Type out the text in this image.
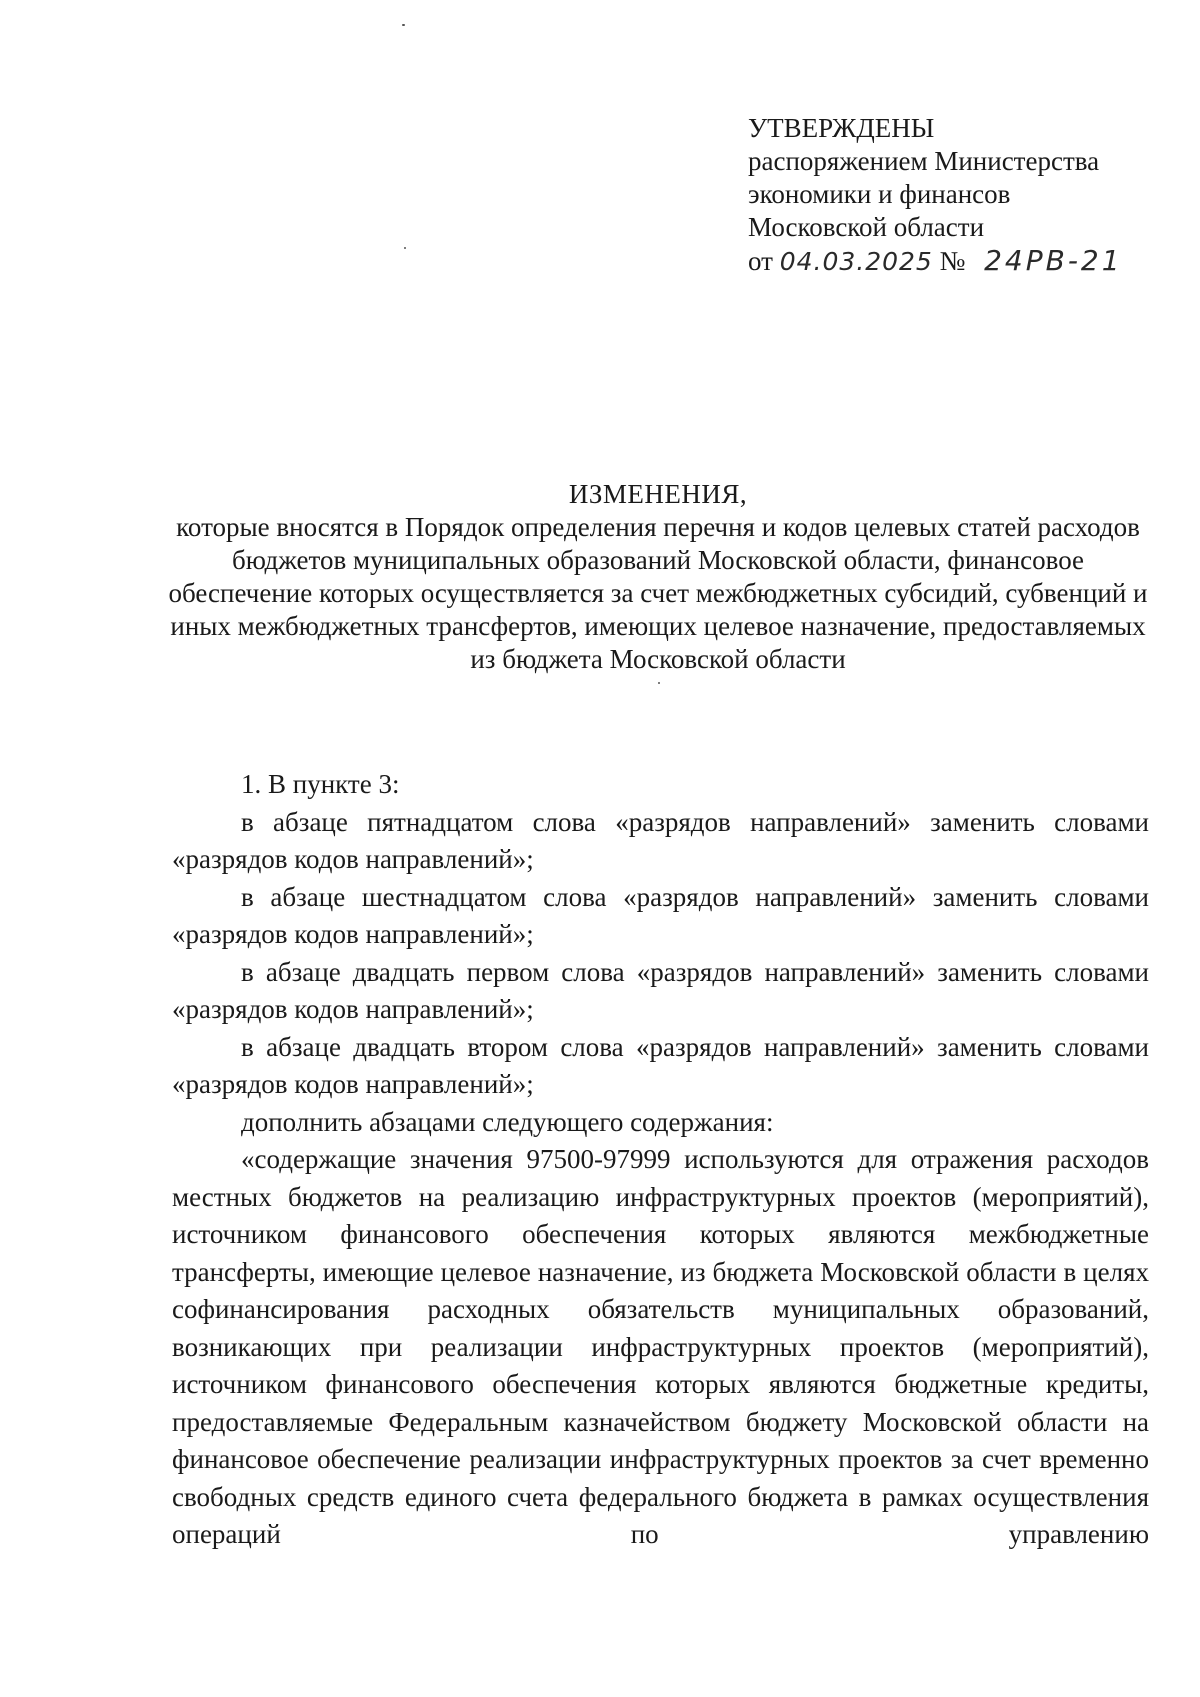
УТВЕРЖДЕНЫ
распоряжением Министерства
экономики и финансов
Московской области
от 04.03.2025 № 24РВ-21
ИЗМЕНЕНИЯ,
которые вносятся в Порядок определения перечня и кодов целевых статей расходов бюджетов муниципальных образований Московской области, финансовое обеспечение которых осуществляется за счет межбюджетных субсидий, субвенций и иных межбюджетных трансфертов, имеющих целевое назначение, предоставляемых из бюджета Московской области

1. В пункте 3:

в абзаце пятнадцатом слова «разрядов направлений» заменить словами «разрядов кодов направлений»;

в абзаце шестнадцатом слова «разрядов направлений» заменить словами «разрядов кодов направлений»;

в абзаце двадцать первом слова «разрядов направлений» заменить словами «разрядов кодов направлений»;

в абзаце двадцать втором слова «разрядов направлений» заменить словами «разрядов кодов направлений»;

дополнить абзацами следующего содержания:

«содержащие значения 97500-97999 используются для отражения расходов местных бюджетов на реализацию инфраструктурных проектов (мероприятий), источником финансового обеспечения которых являются межбюджетные трансферты, имеющие целевое назначение, из бюджета Московской области в целях софинансирования расходных обязательств муниципальных образований, возникающих при реализации инфраструктурных проектов (мероприятий), источником финансового обеспечения которых являются бюджетные кредиты, предоставляемые Федеральным казначейством бюджету Московской области на финансовое обеспечение реализации инфраструктурных проектов за счет временно свободных средств единого счета федерального бюджета в рамках осуществления операций по управлению
